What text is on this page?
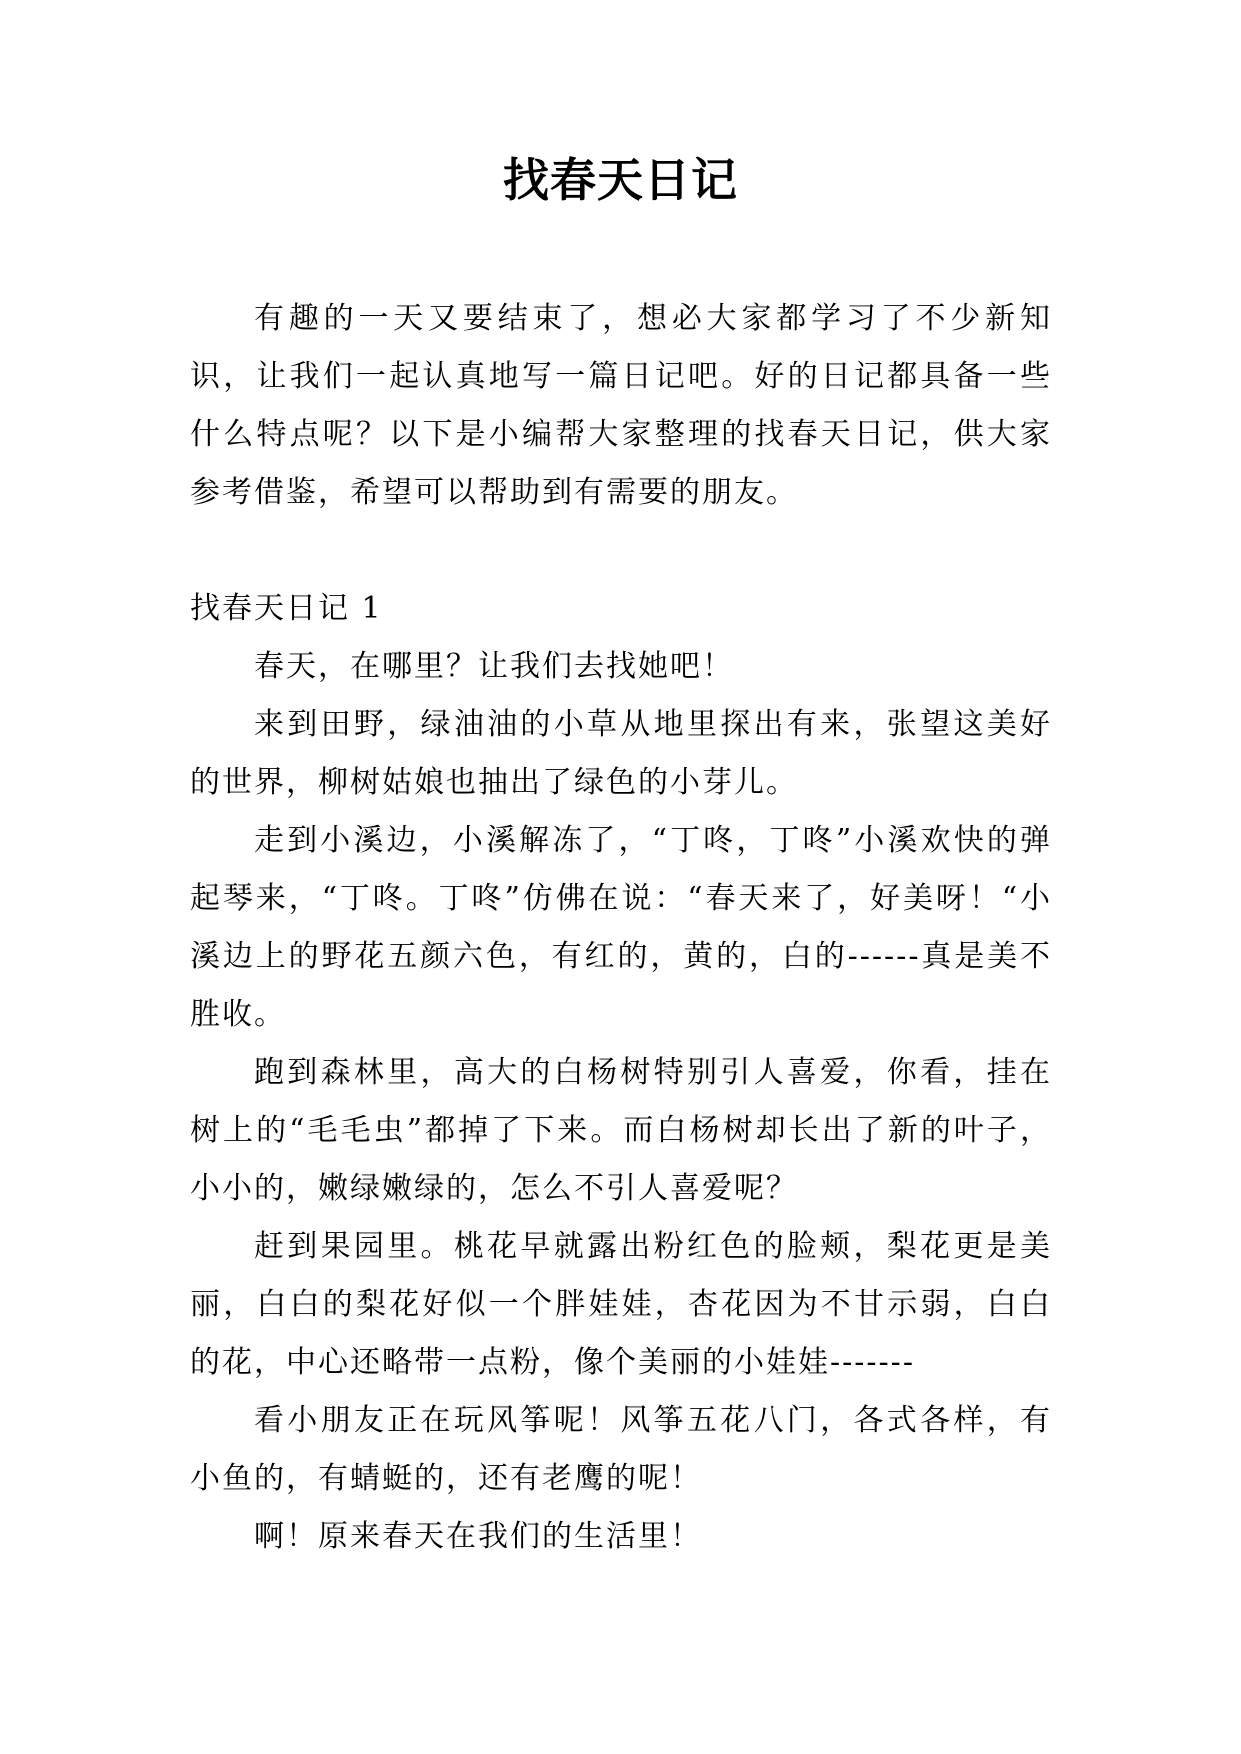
找春天日记

有趣的一天又要结束了，想必大家都学习了不少新知识，让我们一起认真地写一篇日记吧。好的日记都具备一些什么特点呢？以下是小编帮大家整理的找春天日记，供大家参考借鉴，希望可以帮助到有需要的朋友。

找春天日记 1

春天，在哪里？让我们去找她吧！

来到田野，绿油油的小草从地里探出有来，张望这美好的世界，柳树姑娘也抽出了绿色的小芽儿。

走到小溪边，小溪解冻了，“丁咚，丁咚”小溪欢快的弹起琴来，“丁咚。丁咚”仿佛在说：“春天来了，好美呀！“小溪边上的野花五颜六色，有红的，黄的，白的------真是美不胜收。

跑到森林里，高大的白杨树特别引人喜爱，你看，挂在树上的“毛毛虫”都掉了下来。而白杨树却长出了新的叶子，小小的，嫩绿嫩绿的，怎么不引人喜爱呢？

赶到果园里。桃花早就露出粉红色的脸颊，梨花更是美丽，白白的梨花好似一个胖娃娃，杏花因为不甘示弱，白白的花，中心还略带一点粉，像个美丽的小娃娃-------

看小朋友正在玩风筝呢！风筝五花八门，各式各样，有小鱼的，有蜻蜓的，还有老鹰的呢！

啊！原来春天在我们的生活里！
